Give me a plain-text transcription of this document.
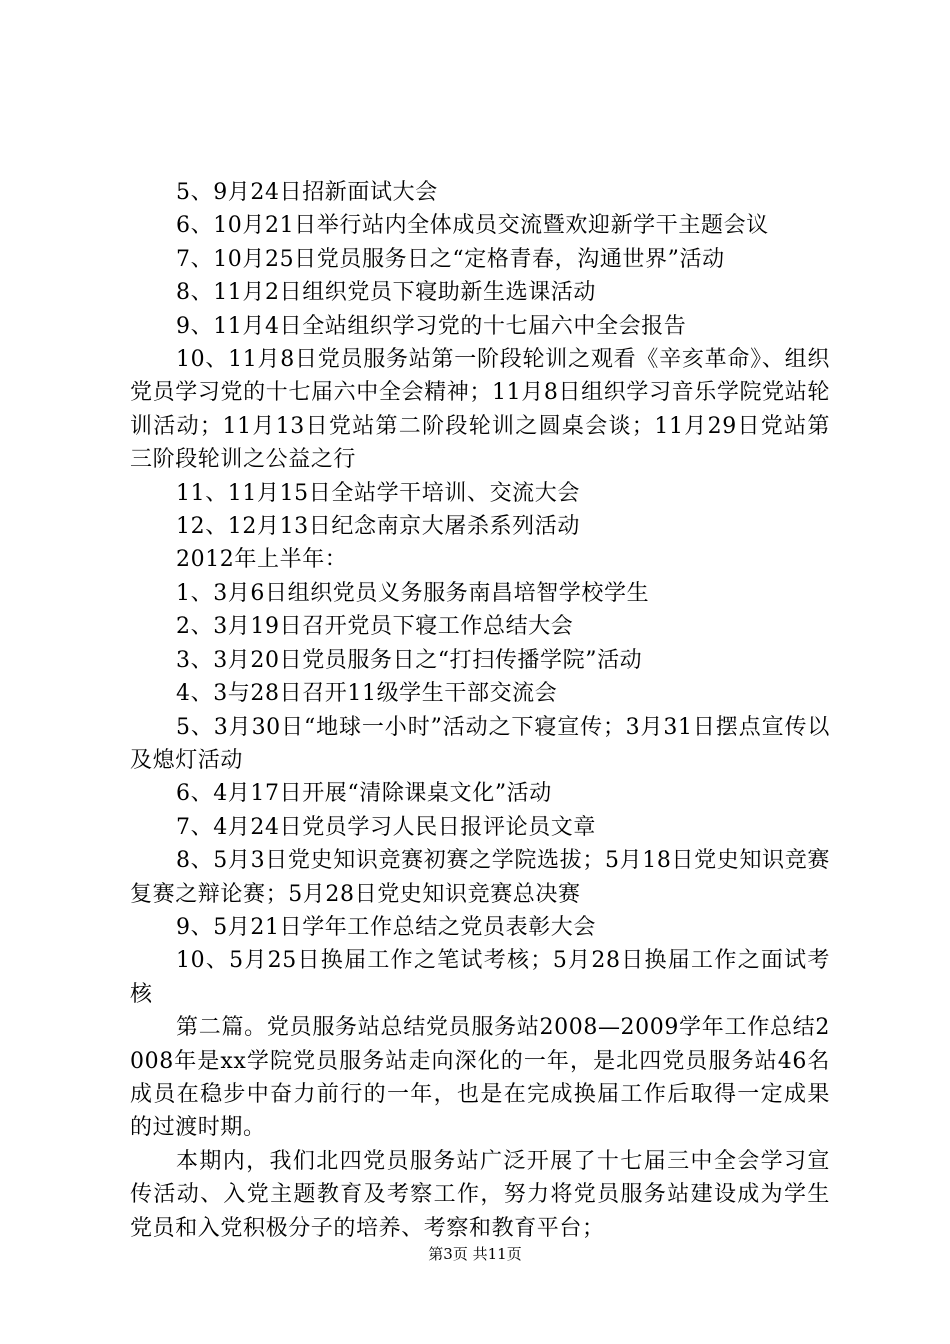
5、9月24日招新面试大会

6、10月21日举行站内全体成员交流暨欢迎新学干主题会议

7、10月25日党员服务日之“定格青春，沟通世界”活动

8、11月2日组织党员下寝助新生选课活动

9、11月4日全站组织学习党的十七届六中全会报告

10、11月8日党员服务站第一阶段轮训之观看《辛亥革命》、组织党员学习党的十七届六中全会精神；11月8日组织学习音乐学院党站轮训活动；11月13日党站第二阶段轮训之圆桌会谈；11月29日党站第三阶段轮训之公益之行

11、11月15日全站学干培训、交流大会

12、12月13日纪念南京大屠杀系列活动

2012年上半年：

1、3月6日组织党员义务服务南昌培智学校学生

2、3月19日召开党员下寝工作总结大会

3、3月20日党员服务日之“打扫传播学院”活动

4、3与28日召开11级学生干部交流会

5、3月30日“地球一小时”活动之下寝宣传；3月31日摆点宣传以及熄灯活动

6、4月17日开展“清除课桌文化”活动

7、4月24日党员学习人民日报评论员文章

8、5月3日党史知识竞赛初赛之学院选拔；5月18日党史知识竞赛复赛之辩论赛；5月28日党史知识竞赛总决赛

9、5月21日学年工作总结之党员表彰大会

10、5月25日换届工作之笔试考核；5月28日换届工作之面试考核

第二篇。党员服务站总结党员服务站2008—2009学年工作总结2008年是xx学院党员服务站走向深化的一年，是北四党员服务站46名成员在稳步中奋力前行的一年，也是在完成换届工作后取得一定成果的过渡时期。

本期内，我们北四党员服务站广泛开展了十七届三中全会学习宣传活动、入党主题教育及考察工作，努力将党员服务站建设成为学生党员和入党积极分子的培养、考察和教育平台；

第3页 共11页
